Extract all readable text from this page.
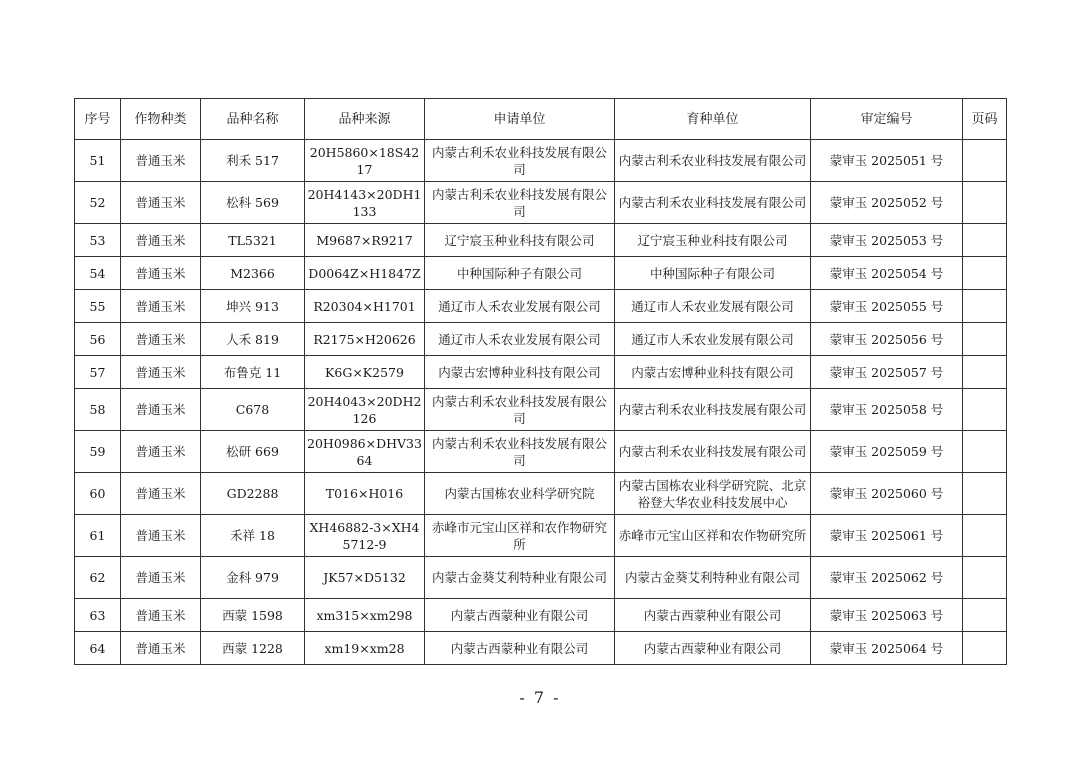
序号	作物种类	品种名称	品种来源	申请单位	育种单位	审定编号	页码
51	普通玉米	利禾 517	20H5860×18S4217	内蒙古利禾农业科技发展有限公司	内蒙古利禾农业科技发展有限公司	蒙审玉 2025051 号	
52	普通玉米	松科 569	20H4143×20DH1133	内蒙古利禾农业科技发展有限公司	内蒙古利禾农业科技发展有限公司	蒙审玉 2025052 号	
53	普通玉米	TL5321	M9687×R9217	辽宁宸玉种业科技有限公司	辽宁宸玉种业科技有限公司	蒙审玉 2025053 号	
54	普通玉米	M2366	D0064Z×H1847Z	中种国际种子有限公司	中种国际种子有限公司	蒙审玉 2025054 号	
55	普通玉米	坤兴 913	R20304×H1701	通辽市人禾农业发展有限公司	通辽市人禾农业发展有限公司	蒙审玉 2025055 号	
56	普通玉米	人禾 819	R2175×H20626	通辽市人禾农业发展有限公司	通辽市人禾农业发展有限公司	蒙审玉 2025056 号	
57	普通玉米	布鲁克 11	K6G×K2579	内蒙古宏博种业科技有限公司	内蒙古宏博种业科技有限公司	蒙审玉 2025057 号	
58	普通玉米	C678	20H4043×20DH2126	内蒙古利禾农业科技发展有限公司	内蒙古利禾农业科技发展有限公司	蒙审玉 2025058 号	
59	普通玉米	松研 669	20H0986×DHV3364	内蒙古利禾农业科技发展有限公司	内蒙古利禾农业科技发展有限公司	蒙审玉 2025059 号	
60	普通玉米	GD2288	T016×H016	内蒙古国栋农业科学研究院	内蒙古国栋农业科学研究院、北京裕登大华农业科技发展中心	蒙审玉 2025060 号	
61	普通玉米	禾祥 18	XH46882-3×XH45712-9	赤峰市元宝山区祥和农作物研究所	赤峰市元宝山区祥和农作物研究所	蒙审玉 2025061 号	
62	普通玉米	金科 979	JK57×D5132	内蒙古金葵艾利特种业有限公司	内蒙古金葵艾利特种业有限公司	蒙审玉 2025062 号	
63	普通玉米	西蒙 1598	xm315×xm298	内蒙古西蒙种业有限公司	内蒙古西蒙种业有限公司	蒙审玉 2025063 号	
64	普通玉米	西蒙 1228	xm19×xm28	内蒙古西蒙种业有限公司	内蒙古西蒙种业有限公司	蒙审玉 2025064 号	
- 7 -
